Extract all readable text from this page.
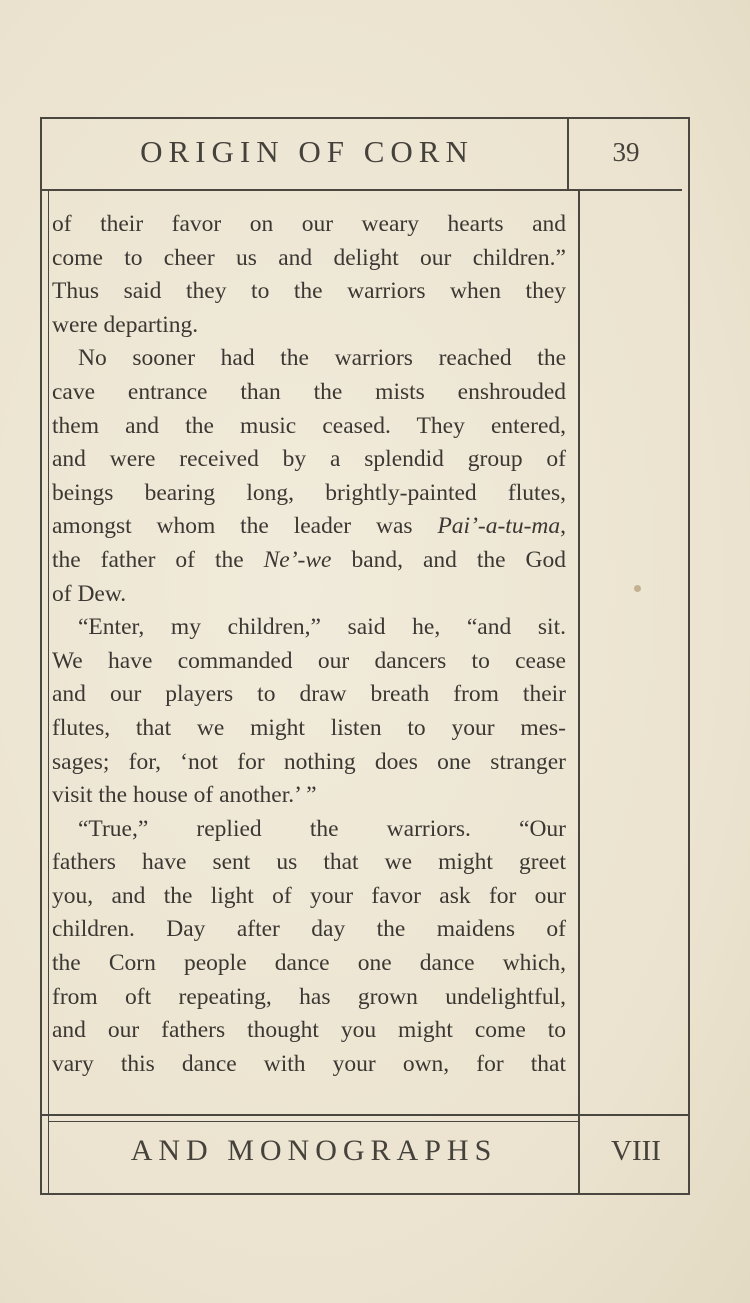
ORIGIN OF CORN	39
of their favor on our weary hearts and
come to cheer us and delight our children.”
Thus said they to the warriors when they
were departing.
No sooner had the warriors reached the
cave entrance than the mists enshrouded
them and the music ceased. They entered,
and were received by a splendid group of
beings bearing long, brightly-painted flutes,
amongst whom the leader was Pai’-a-tu-ma,
the father of the Ne’-we band, and the God
of Dew.
“Enter, my children,” said he, “and sit.
We have commanded our dancers to cease
and our players to draw breath from their
flutes, that we might listen to your mes-
sages; for, ‘not for nothing does one stranger
visit the house of another.’ ”
“True,” replied the warriors. “Our
fathers have sent us that we might greet
you, and the light of your favor ask for our
children. Day after day the maidens of
the Corn people dance one dance which,
from oft repeating, has grown undelightful,
and our fathers thought you might come to
vary this dance with your own, for that
AND MONOGRAPHS	VIII
